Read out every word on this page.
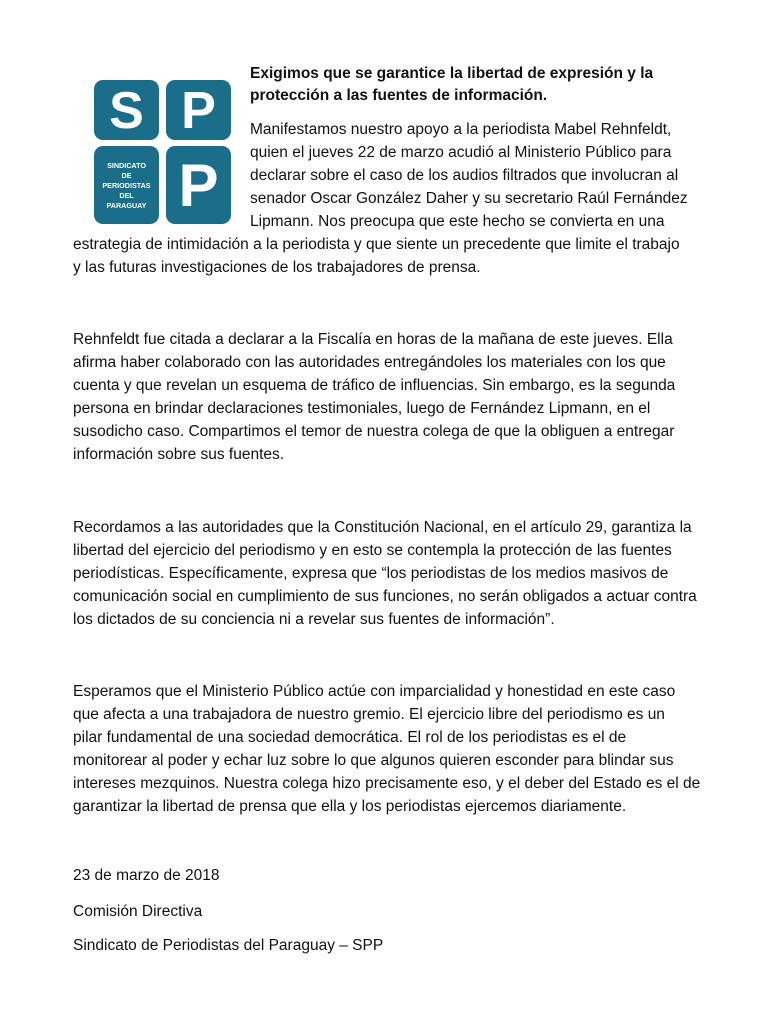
S P
P
SINDICATO
DE
PERIODISTAS
DEL
PARAGUAY
Exigimos que se garantice la libertad de expresión y la
protección a las fuentes de información.
Manifestamos nuestro apoyo a la periodista Mabel Rehnfeldt,
quien el jueves 22 de marzo acudió al Ministerio Público para
declarar sobre el caso de los audios filtrados que involucran al
senador Oscar González Daher y su secretario Raúl Fernández
Lipmann. Nos preocupa que este hecho se convierta en una
estrategia de intimidación a la periodista y que siente un precedente que limite el trabajo
y las futuras investigaciones de los trabajadores de prensa.
Rehnfeldt fue citada a declarar a la Fiscalía en horas de la mañana de este jueves. Ella
afirma haber colaborado con las autoridades entregándoles los materiales con los que
cuenta y que revelan un esquema de tráfico de influencias. Sin embargo, es la segunda
persona en brindar declaraciones testimoniales, luego de Fernández Lipmann, en el
susodicho caso. Compartimos el temor de nuestra colega de que la obliguen a entregar
información sobre sus fuentes.
Recordamos a las autoridades que la Constitución Nacional, en el artículo 29, garantiza la
libertad del ejercicio del periodismo y en esto se contempla la protección de las fuentes
periodísticas. Específicamente, expresa que “los periodistas de los medios masivos de
comunicación social en cumplimiento de sus funciones, no serán obligados a actuar contra
los dictados de su conciencia ni a revelar sus fuentes de información”.
Esperamos que el Ministerio Público actúe con imparcialidad y honestidad en este caso
que afecta a una trabajadora de nuestro gremio. El ejercicio libre del periodismo es un
pilar fundamental de una sociedad democrática. El rol de los periodistas es el de
monitorear al poder y echar luz sobre lo que algunos quieren esconder para blindar sus
intereses mezquinos. Nuestra colega hizo precisamente eso, y el deber del Estado es el de
garantizar la libertad de prensa que ella y los periodistas ejercemos diariamente.
23 de marzo de 2018
Comisión Directiva
Sindicato de Periodistas del Paraguay – SPP
